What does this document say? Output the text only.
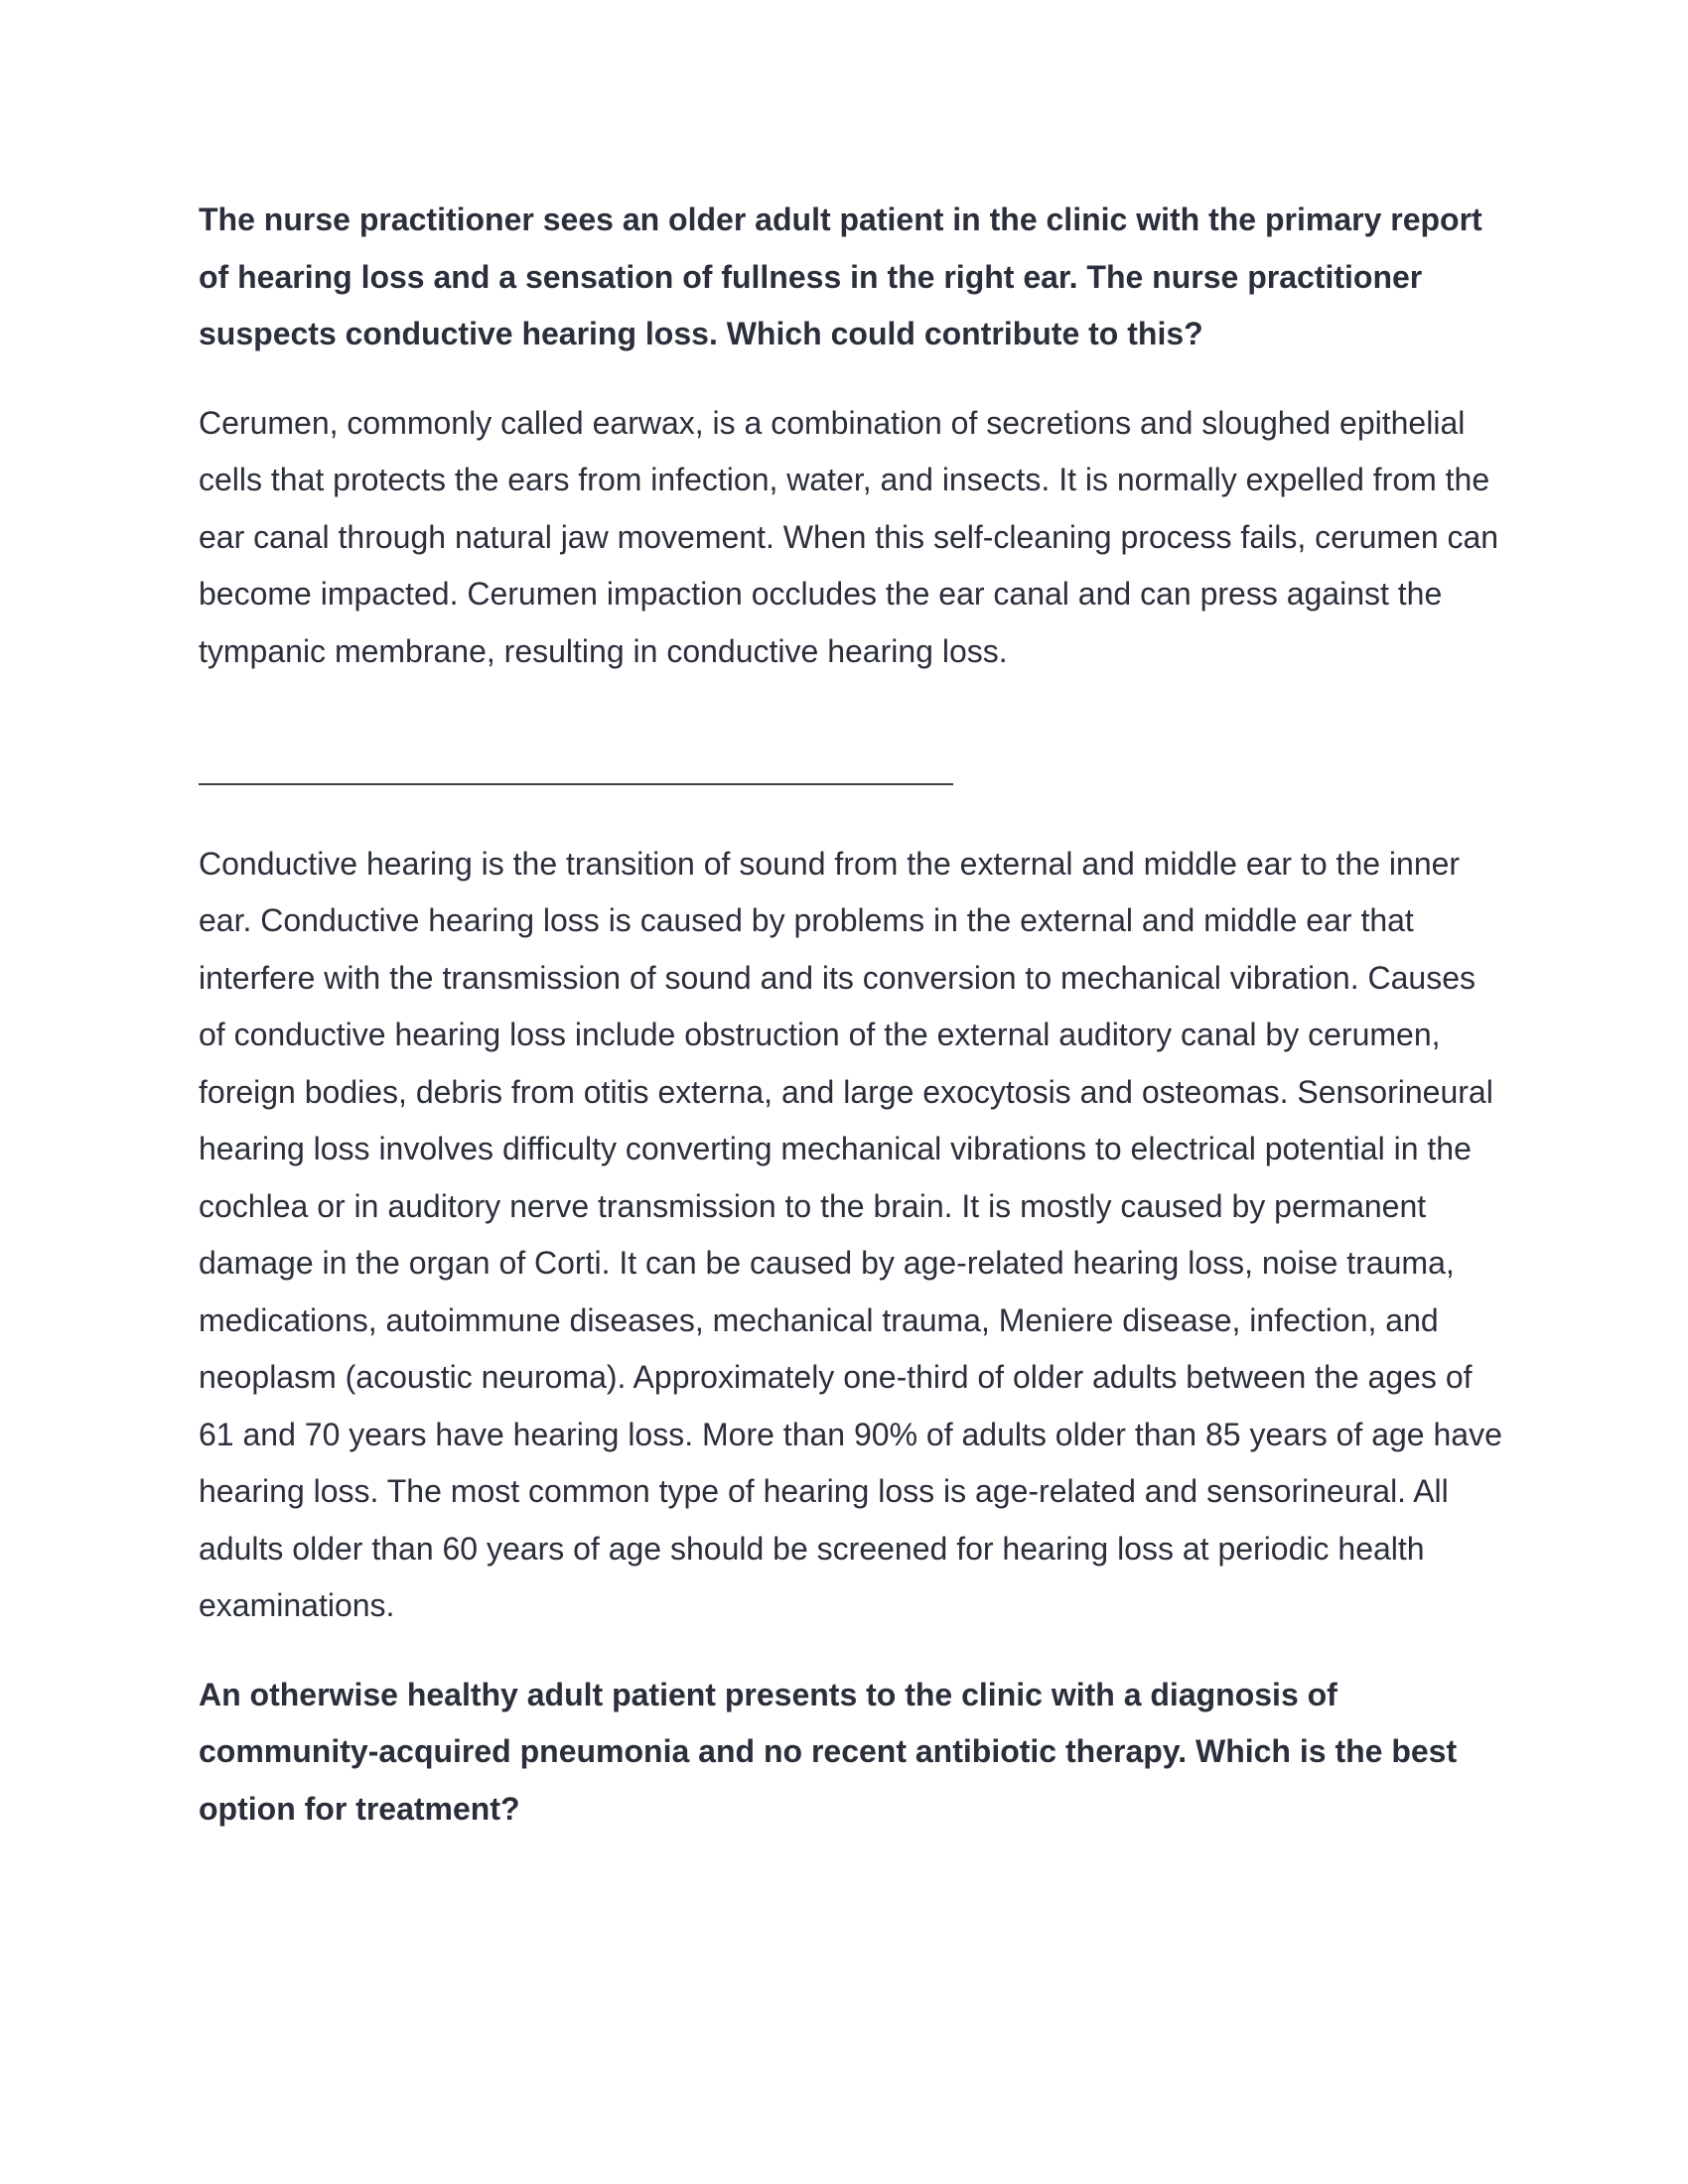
The nurse practitioner sees an older adult patient in the clinic with the primary report of hearing loss and a sensation of fullness in the right ear. The nurse practitioner suspects conductive hearing loss. Which could contribute to this?

Cerumen, commonly called earwax, is a combination of secretions and sloughed epithelial cells that protects the ears from infection, water, and insects. It is normally expelled from the ear canal through natural jaw movement. When this self-cleaning process fails, cerumen can become impacted. Cerumen impaction occludes the ear canal and can press against the tympanic membrane, resulting in conductive hearing loss.

Conductive hearing is the transition of sound from the external and middle ear to the inner ear. Conductive hearing loss is caused by problems in the external and middle ear that interfere with the transmission of sound and its conversion to mechanical vibration. Causes of conductive hearing loss include obstruction of the external auditory canal by cerumen, foreign bodies, debris from otitis externa, and large exocytosis and osteomas. Sensorineural hearing loss involves difficulty converting mechanical vibrations to electrical potential in the cochlea or in auditory nerve transmission to the brain. It is mostly caused by permanent damage in the organ of Corti. It can be caused by age-related hearing loss, noise trauma, medications, autoimmune diseases, mechanical trauma, Meniere disease, infection, and neoplasm (acoustic neuroma). Approximately one-third of older adults between the ages of 61 and 70 years have hearing loss. More than 90% of adults older than 85 years of age have hearing loss. The most common type of hearing loss is age-related and sensorineural. All adults older than 60 years of age should be screened for hearing loss at periodic health examinations.

An otherwise healthy adult patient presents to the clinic with a diagnosis of community-acquired pneumonia and no recent antibiotic therapy. Which is the best option for treatment?
